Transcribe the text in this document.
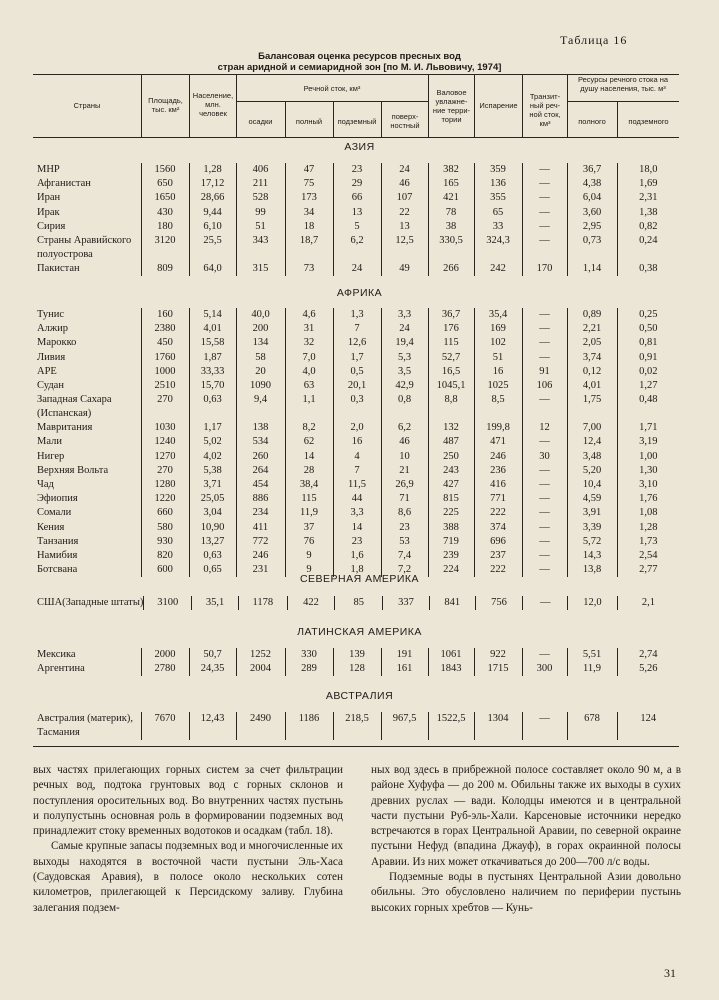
Таблица 16
Балансовая оценка ресурсов пресных вод
стран аридной и семиаридной зон [по М. И. Львовичу, 1974]
Страны
Площадь, тыс. км²
Население, млн. человек
Речной сток, км³
осадки	полный	подземный
поверх-ностный
Валовое увлажне-ние терри-тории
Испарение
Транзит-ный реч-ной сток, км³
Ресурсы речного стока на душу населения, тыс. м³
полного	подземного
АЗИЯ
МНР	1560	1,28	406	47	23	24	382	359	—	36,7	18,0
Афганистан	650	17,12	211	75	29	46	165	136	—	4,38	1,69
Иран	1650	28,66	528	173	66	107	421	355	—	6,04	2,31
Ирак	430	9,44	99	34	13	22	78	65	—	3,60	1,38
Сирия	180	6,10	51	18	5	13	38	33	—	2,95	0,82
Страны Аравийского полуострова	3120	25,5	343	18,7	6,2	12,5	330,5	324,3	—	0,73	0,24
Пакистан	809	64,0	315	73	24	49	266	242	170	1,14	0,38
АФРИКА
Тунис	160	5,14	40,0	4,6	1,3	3,3	36,7	35,4	—	0,89	0,25
Алжир	2380	4,01	200	31	7	24	176	169	—	2,21	0,50
Марокко	450	15,58	134	32	12,6	19,4	115	102	—	2,05	0,81
Ливия	1760	1,87	58	7,0	1,7	5,3	52,7	51	—	3,74	0,91
АРЕ	1000	33,33	20	4,0	0,5	3,5	16,5	16	91	0,12	0,02
Судан	2510	15,70	1090	63	20,1	42,9	1045,1	1025	106	4,01	1,27
Западная Сахара (Испанская)	270	0,63	9,4	1,1	0,3	0,8	8,8	8,5	—	1,75	0,48
Мавритания	1030	1,17	138	8,2	2,0	6,2	132	199,8	12	7,00	1,71
Мали	1240	5,02	534	62	16	46	487	471	—	12,4	3,19
Нигер	1270	4,02	260	14	4	10	250	246	30	3,48	1,00
Верхняя Вольта	270	5,38	264	28	7	21	243	236	—	5,20	1,30
Чад	1280	3,71	454	38,4	11,5	26,9	427	416	—	10,4	3,10
Эфиопия	1220	25,05	886	115	44	71	815	771	—	4,59	1,76
Сомали	660	3,04	234	11,9	3,3	8,6	225	222	—	3,91	1,08
Кения	580	10,90	411	37	14	23	388	374	—	3,39	1,28
Танзания	930	13,27	772	76	23	53	719	696	—	5,72	1,73
Намибия	820	0,63	246	9	1,6	7,4	239	237	—	14,3	2,54
Ботсвана	600	0,65	231	9	1,8	7,2	224	222	—	13,8	2,77
СЕВЕРНАЯ АМЕРИКА
США(Западные штаты)	3100	35,1	1178	422	85	337	841	756	—	12,0	2,1
ЛАТИНСКАЯ АМЕРИКА
Мексика	2000	50,7	1252	330	139	191	1061	922	—	5,51	2,74
Аргентина	2780	24,35	2004	289	128	161	1843	1715	300	11,9	5,26
АВСТРАЛИЯ
Австралия (материк), Тасмания	7670	12,43	2490	1186	218,5	967,5	1522,5	1304	—	678	124

вых частях прилегающих горных систем за счет фильтрации речных вод, подтока грунтовых вод с горных склонов и поступления оросительных вод. Во внутренних частях пустынь и полупустынь основная роль в формировании подземных вод принадлежит стоку временных водотоков и осадкам (табл. 18).

Самые крупные запасы подземных вод и многочисленные их выходы находятся в восточной части пустыни Эль-Хаса (Саудовская Аравия), в полосе около нескольких сотен километров, прилегающей к Персидскому заливу. Глубина залегания подзем-

ных вод здесь в прибрежной полосе составляет около 90 м, а в районе Хуфуфа — до 200 м. Обильны также их выходы в сухих древних руслах — вади. Колодцы имеются и в центральной части пустыни Руб-эль-Хали. Карсеновые источники нередко встречаются в горах Центральной Аравии, по северной окраине пустыни Нефуд (впадина Джауф), в горах окраинной полосы Аравии. Из них может откачиваться до 200—700 л/с воды.

Подземные воды в пустынях Центральной Азии довольно обильны. Это обусловлено наличием по периферии пустынь высоких горных хребтов — Кунь-

31
